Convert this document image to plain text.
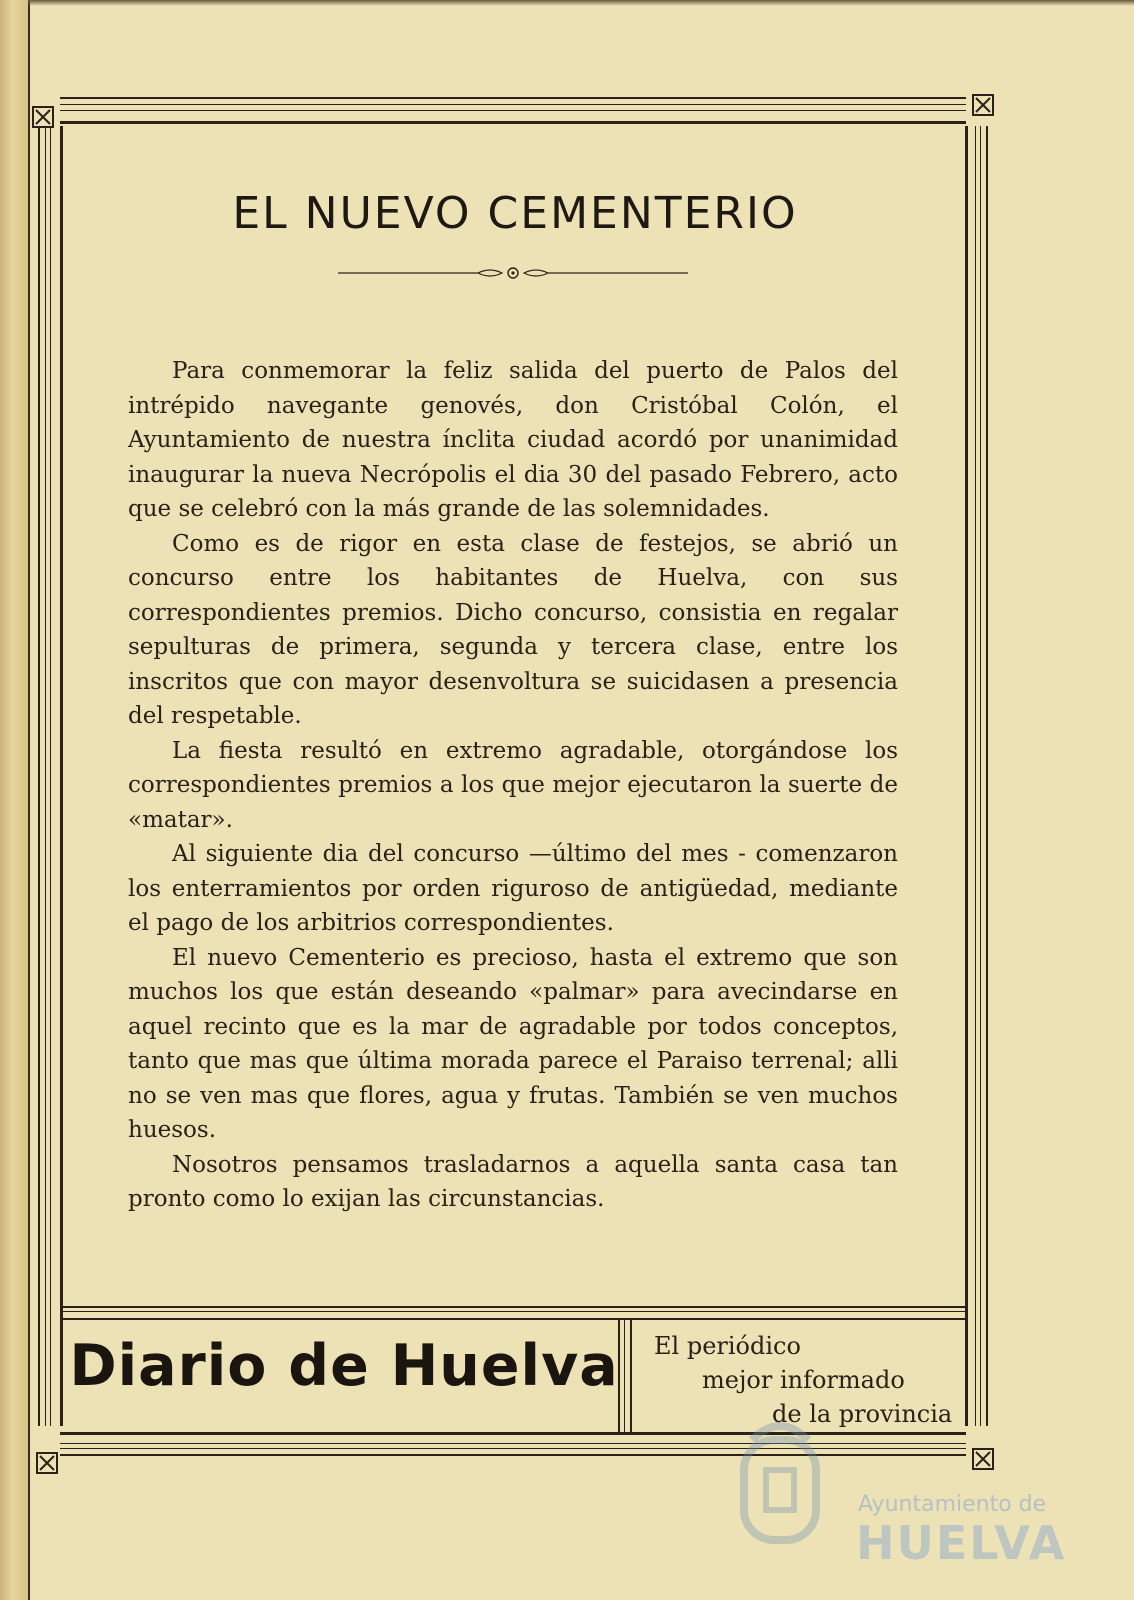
EL NUEVO CEMENTERIO

Para conmemorar la feliz salida del puerto de Palos del intrépido navegante genovés, don Cristóbal Colón, el Ayuntamiento de nuestra ínclita ciudad acordó por unanimidad inaugurar la nueva Necrópolis el dia 30 del pasado Febrero, acto que se celebró con la más grande de las solemnidades.

Como es de rigor en esta clase de festejos, se abrió un concurso entre los habitantes de Huelva, con sus correspondientes premios. Dicho concurso, consistia en regalar sepulturas de primera, segunda y tercera clase, entre los inscritos que con mayor desenvoltura se suicidasen a presencia del respetable.

La fiesta resultó en extremo agradable, otorgándose los correspondientes premios a los que mejor ejecutaron la suerte de «matar».

Al siguiente dia del concurso —último del mes - comenzaron los enterramientos por orden riguroso de antigüedad, mediante el pago de los arbitrios correspondientes.

El nuevo Cementerio es precioso, hasta el extremo que son muchos los que están deseando «palmar» para avecindarse en aquel recinto que es la mar de agradable por todos conceptos, tanto que mas que última morada parece el Paraiso terrenal; alli no se ven mas que flores, agua y frutas. También se ven muchos huesos.

Nosotros pensamos trasladarnos a aquella santa casa tan pronto como lo exijan las circunstancias.

Diario de Huelva El periódico
mejor informado
de la provincia
Ayuntamiento de
HUELVA
